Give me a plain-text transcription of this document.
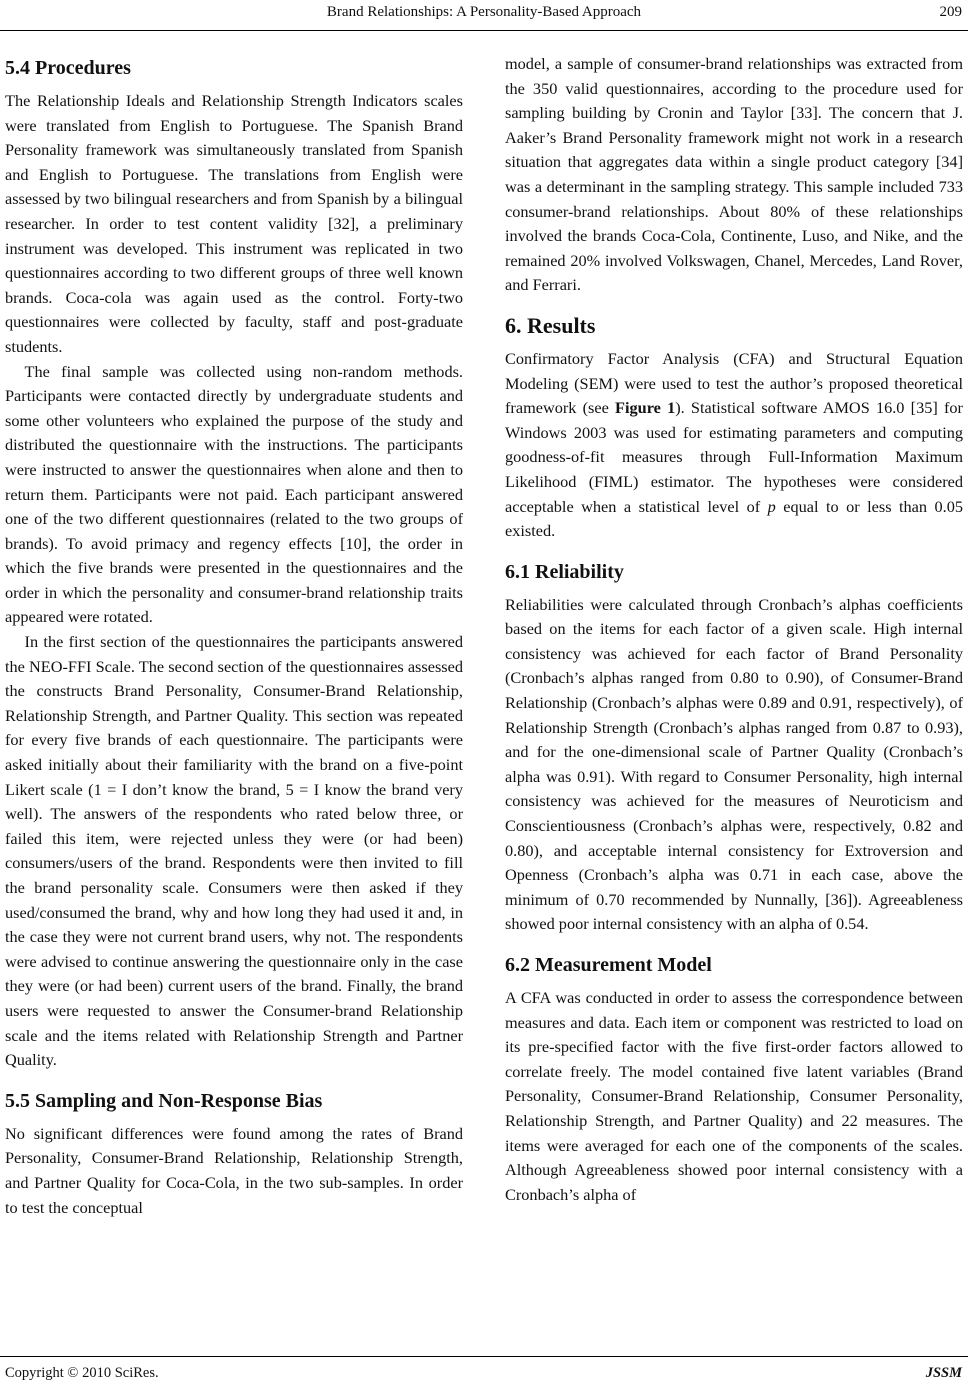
Brand Relationships: A Personality-Based Approach	209
5.4 Procedures

The Relationship Ideals and Relationship Strength Indicators scales were translated from English to Portuguese. The Spanish Brand Personality framework was simultaneously translated from Spanish and English to Portuguese. The translations from English were assessed by two bilingual researchers and from Spanish by a bilingual researcher. In order to test content validity [32], a preliminary instrument was developed. This instrument was replicated in two questionnaires according to two different groups of three well known brands. Coca-cola was again used as the control. Forty-two questionnaires were collected by faculty, staff and post-graduate students.

The final sample was collected using non-random methods. Participants were contacted directly by undergraduate students and some other volunteers who explained the purpose of the study and distributed the questionnaire with the instructions. The participants were instructed to answer the questionnaires when alone and then to return them. Participants were not paid. Each participant answered one of the two different questionnaires (related to the two groups of brands). To avoid primacy and regency effects [10], the order in which the five brands were presented in the questionnaires and the order in which the personality and consumer-brand relationship traits appeared were rotated.

In the first section of the questionnaires the participants answered the NEO-FFI Scale. The second section of the questionnaires assessed the constructs Brand Personality, Consumer-Brand Relationship, Relationship Strength, and Partner Quality. This section was repeated for every five brands of each questionnaire. The participants were asked initially about their familiarity with the brand on a five-point Likert scale (1 = I don’t know the brand, 5 = I know the brand very well). The answers of the respondents who rated below three, or failed this item, were rejected unless they were (or had been) consumers/users of the brand. Respondents were then invited to fill the brand personality scale. Consumers were then asked if they used/consumed the brand, why and how long they had used it and, in the case they were not current brand users, why not. The respondents were advised to continue answering the questionnaire only in the case they were (or had been) current users of the brand. Finally, the brand users were requested to answer the Consumer-brand Relationship scale and the items related with Relationship Strength and Partner Quality.

5.5 Sampling and Non-Response Bias

No significant differences were found among the rates of Brand Personality, Consumer-Brand Relationship, Relationship Strength, and Partner Quality for Coca-Cola, in the two sub-samples. In order to test the conceptual

model, a sample of consumer-brand relationships was extracted from the 350 valid questionnaires, according to the procedure used for sampling building by Cronin and Taylor [33]. The concern that J. Aaker’s Brand Personality framework might not work in a research situation that aggregates data within a single product category [34] was a determinant in the sampling strategy. This sample included 733 consumer-brand relationships. About 80% of these relationships involved the brands Coca-Cola, Continente, Luso, and Nike, and the remained 20% involved Volkswagen, Chanel, Mercedes, Land Rover, and Ferrari.

6. Results

Confirmatory Factor Analysis (CFA) and Structural Equation Modeling (SEM) were used to test the author’s proposed theoretical framework (see Figure 1). Statistical software AMOS 16.0 [35] for Windows 2003 was used for estimating parameters and computing goodness-of-fit measures through Full-Information Maximum Likelihood (FIML) estimator. The hypotheses were considered acceptable when a statistical level of p equal to or less than 0.05 existed.

6.1 Reliability

Reliabilities were calculated through Cronbach’s alphas coefficients based on the items for each factor of a given scale. High internal consistency was achieved for each factor of Brand Personality (Cronbach’s alphas ranged from 0.80 to 0.90), of Consumer-Brand Relationship (Cronbach’s alphas were 0.89 and 0.91, respectively), of Relationship Strength (Cronbach’s alphas ranged from 0.87 to 0.93), and for the one-dimensional scale of Partner Quality (Cronbach’s alpha was 0.91). With regard to Consumer Personality, high internal consistency was achieved for the measures of Neuroticism and Conscientiousness (Cronbach’s alphas were, respectively, 0.82 and 0.80), and acceptable internal consistency for Extroversion and Openness (Cronbach’s alpha was 0.71 in each case, above the minimum of 0.70 recommended by Nunnally, [36]). Agreeableness showed poor internal consistency with an alpha of 0.54.

6.2 Measurement Model

A CFA was conducted in order to assess the correspondence between measures and data. Each item or component was restricted to load on its pre-specified factor with the five first-order factors allowed to correlate freely. The model contained five latent variables (Brand Personality, Consumer-Brand Relationship, Consumer Personality, Relationship Strength, and Partner Quality) and 22 measures. The items were averaged for each one of the components of the scales. Although Agreeableness showed poor internal consistency with a Cronbach’s alpha of

Copyright © 2010 SciRes.	JSSM
